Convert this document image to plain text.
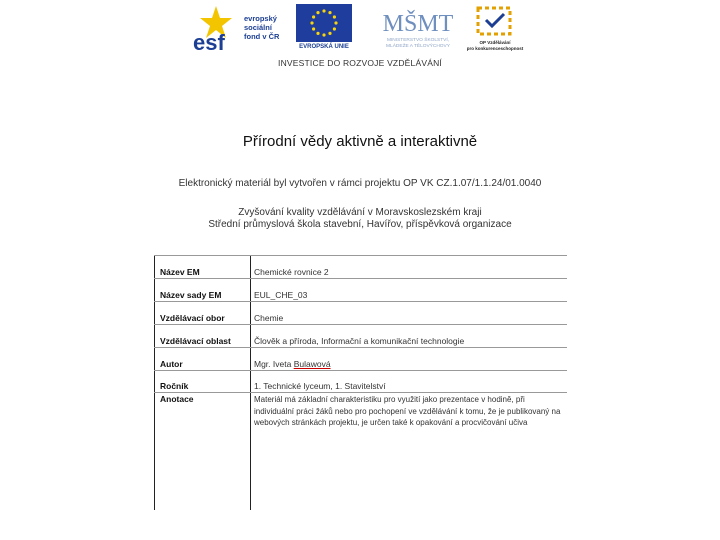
esf
evropský
sociální
fond v ČR
EVROPSKÁ UNIE
MŠMT
MINISTERSTVO ŠKOLSTVÍ,
MLÁDEŽE A TĚLOVÝCHOVY
OP Vzdělávání
pro konkurenceschopnost
INVESTICE DO ROZVOJE VZDĚLÁVÁNÍ
Přírodní vědy aktivně a interaktivně
Elektronický materiál byl vytvořen v rámci projektu OP VK CZ.1.07/1.1.24/01.0040
Zvyšování kvality vzdělávání v Moravskoslezském kraji
Střední průmyslová škola stavební, Havířov, příspěvková organizace
Název EM	Chemické rovnice 2
Název sady EM	EUL_CHE_03
Vzdělávací obor	Chemie
Vzdělávací oblast	Člověk a příroda, Informační a komunikační technologie
Autor	Mgr. Iveta Bulawová
Ročník	1. Technické lyceum, 1. Stavitelství
Anotace	Materiál má základní charakteristiku pro využití jako prezentace v hodině, při individuální práci žáků nebo pro pochopení ve vzdělávání k tomu, že je publikovaný na webových stránkách projektu, je určen také k opakování a procvičování učiva
